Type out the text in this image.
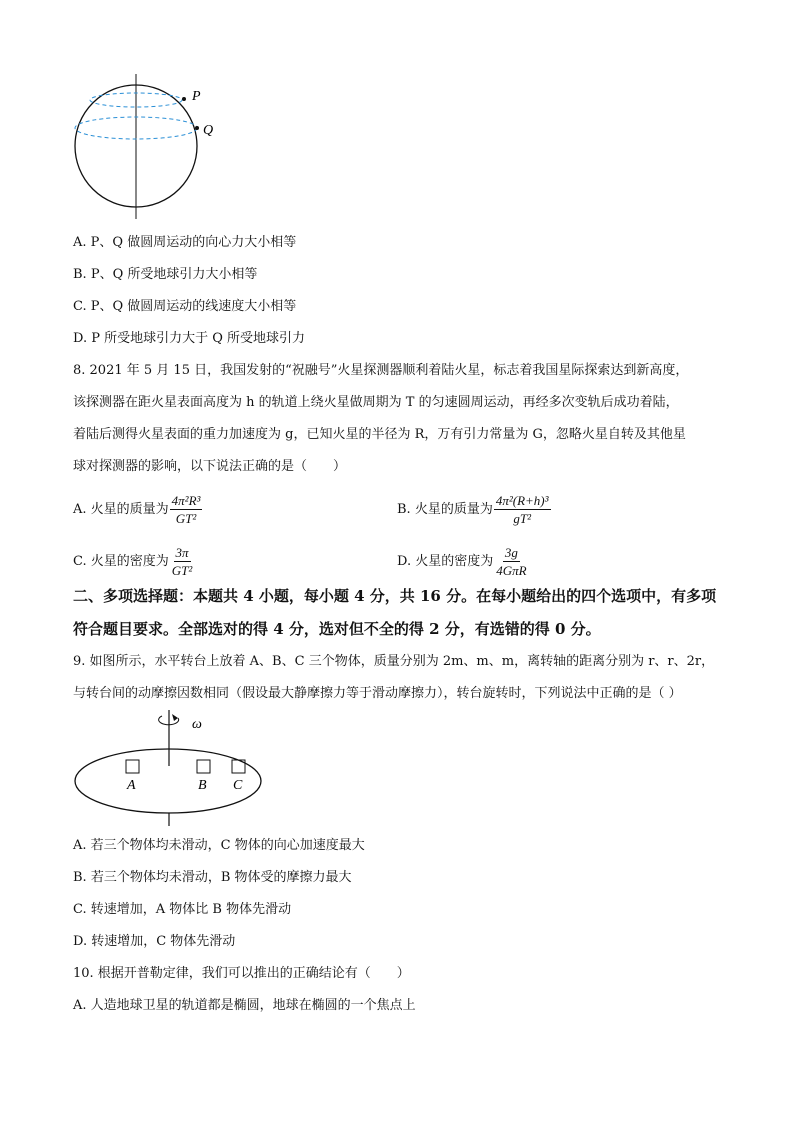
P
Q
A. P、Q 做圆周运动的向心力大小相等
B. P、Q 所受地球引力大小相等
C. P、Q 做圆周运动的线速度大小相等
D. P 所受地球引力大于 Q 所受地球引力
8. 2021 年 5 月 15 日，我国发射的“祝融号”火星探测器顺利着陆火星，标志着我国星际探索达到新高度，
该探测器在距火星表面高度为 h 的轨道上绕火星做周期为 T 的匀速圆周运动，再经多次变轨后成功着陆，
着陆后测得火星表面的重力加速度为 g，已知火星的半径为 R，万有引力常量为 G，忽略火星自转及其他星
球对探测器的影响，以下说法正确的是（　　）
A. 火星的质量为 $\frac{\text{4π²R³}}{\text{GT²}}$	B. 火星的质量为 $\frac{\text{4π²(R+h)³}}{\text{gT²}}$
C. 火星的密度为 $\frac{3\pi}{\text{GT²}}$	D. 火星的密度为 $\frac{3g}{\text{4GπR}}$
二、多项选择题：本题共 4 小题，每小题 4 分，共 16 分。在每小题给出的四个选项中，有多项符合题目要求。全部选对的得 4 分，选对但不全的得 2 分，有选错的得 0 分。
9. 如图所示，水平转台上放着 A、B、C 三个物体，质量分别为 2m、m、m，离转轴的距离分别为 r、r、2r，
与转台间的动摩擦因数相同（假设最大静摩擦力等于滑动摩擦力），转台旋转时，下列说法中正确的是（ ）
ω
A	B C
A. 若三个物体均未滑动，C 物体的向心加速度最大
B. 若三个物体均未滑动，B 物体受的摩擦力最大
C. 转速增加，A 物体比 B 物体先滑动
D. 转速增加，C 物体先滑动
10. 根据开普勒定律，我们可以推出的正确结论有（　　）
A. 人造地球卫星的轨道都是椭圆，地球在椭圆的一个焦点上
